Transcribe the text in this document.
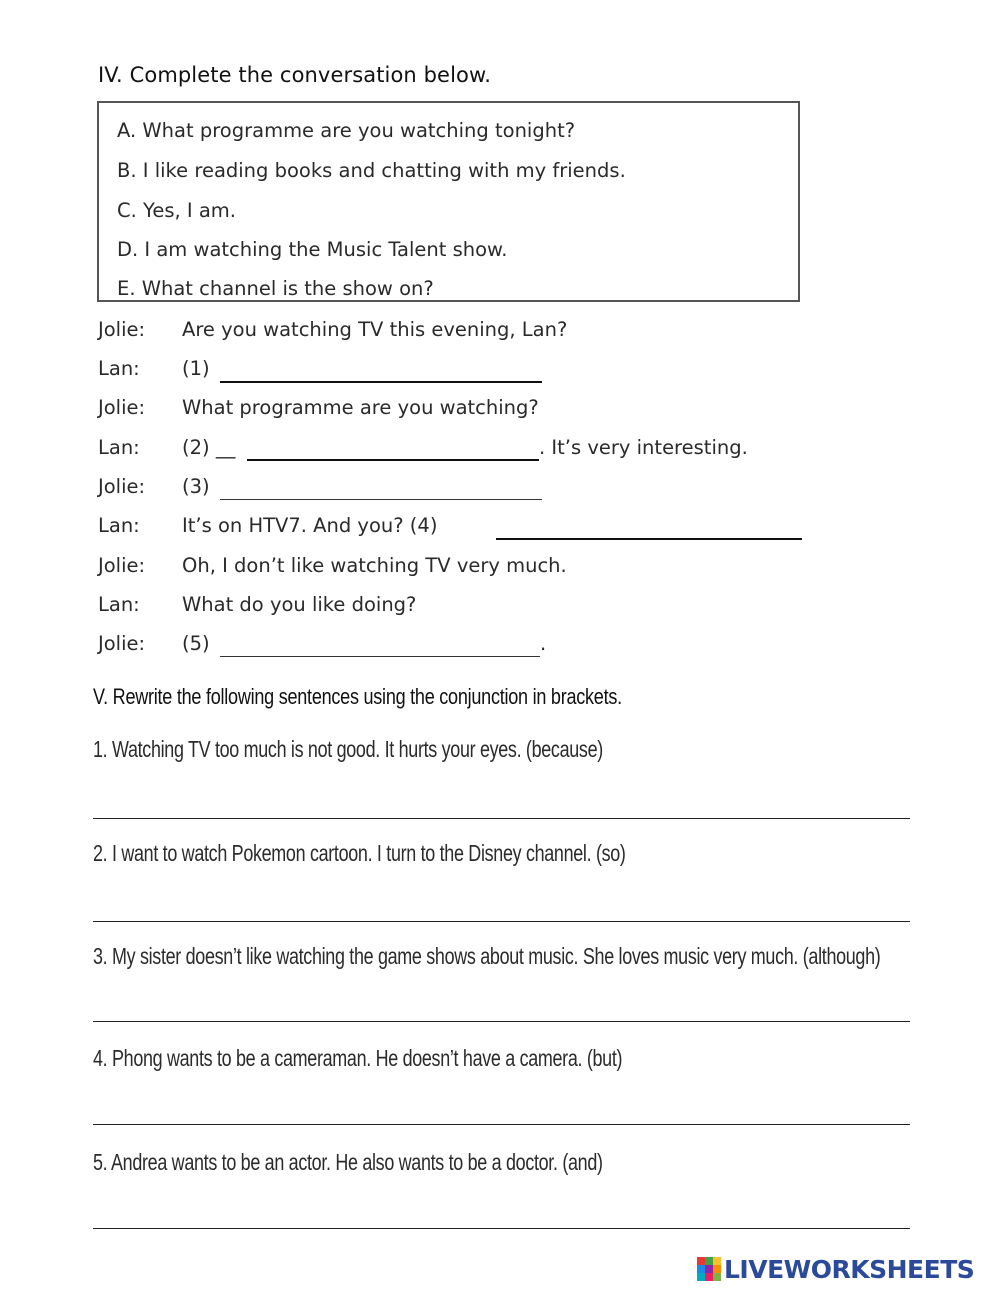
IV. Complete the conversation below.
A. What programme are you watching tonight?
B. I like reading books and chatting with my friends.
C. Yes, I am.
D. I am watching the Music Talent show.
E. What channel is the show on?
Jolie: Are you watching TV this evening, Lan?
Lan: (1)
Jolie: What programme are you watching?
Lan: (2) __	. It’s very interesting.
Jolie: (3)
Lan: It’s on HTV7. And you? (4)
Jolie: Oh, I don’t like watching TV very much.
Lan: What do you like doing?
Jolie: (5)	.
V. Rewrite the following sentences using the conjunction in brackets.
1. Watching TV too much is not good. It hurts your eyes. (because)
2. I want to watch Pokemon cartoon. I turn to the Disney channel. (so)
3. My sister doesn’t like watching the game shows about music. She loves music very much. (although)
4. Phong wants to be a cameraman. He doesn’t have a camera. (but)
5. Andrea wants to be an actor. He also wants to be a doctor. (and)
LIVEWORKSHEETS
